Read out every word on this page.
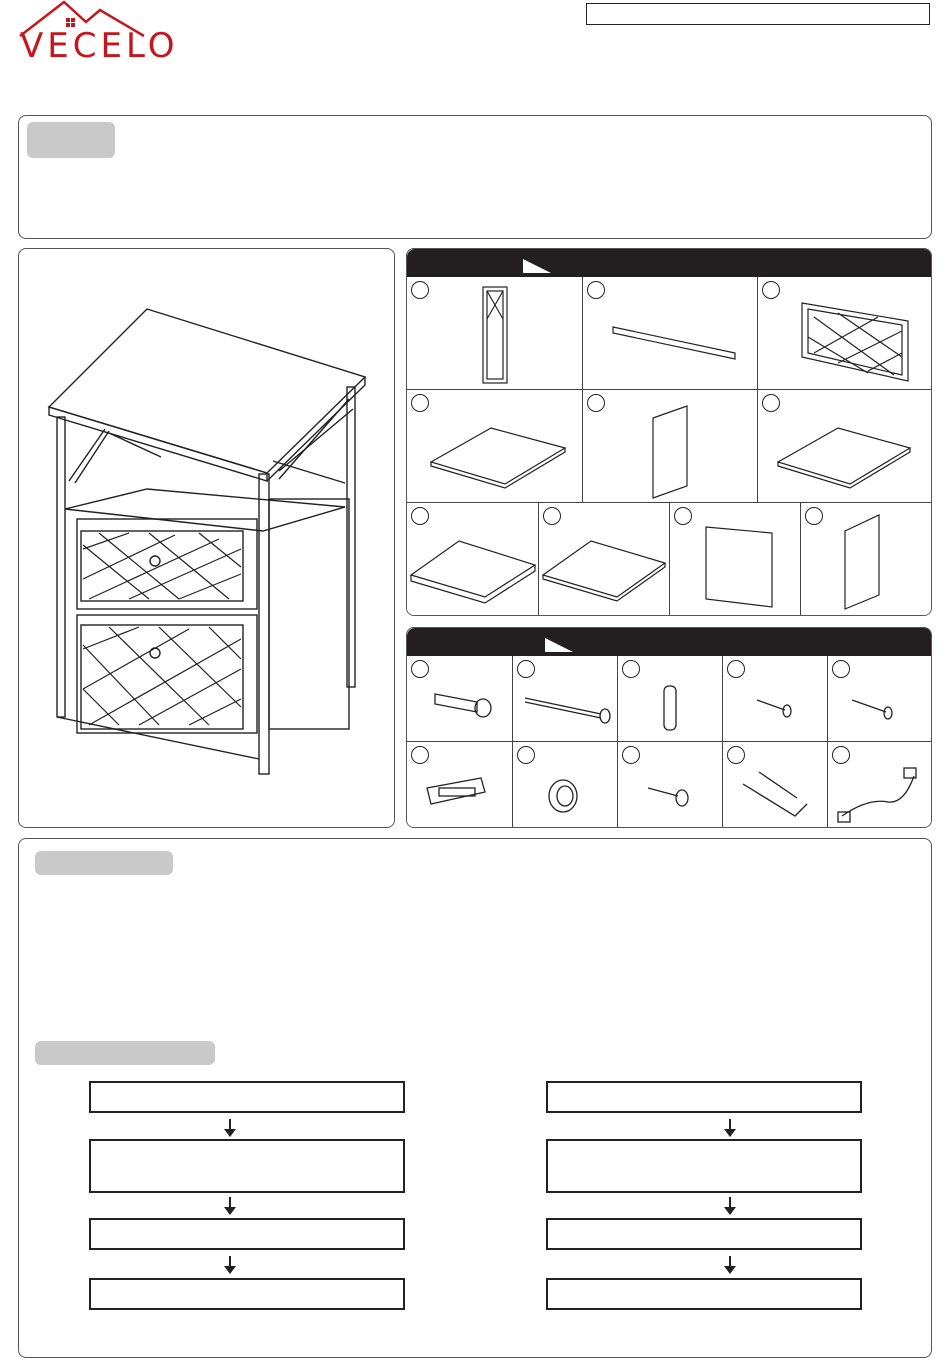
VECELO
